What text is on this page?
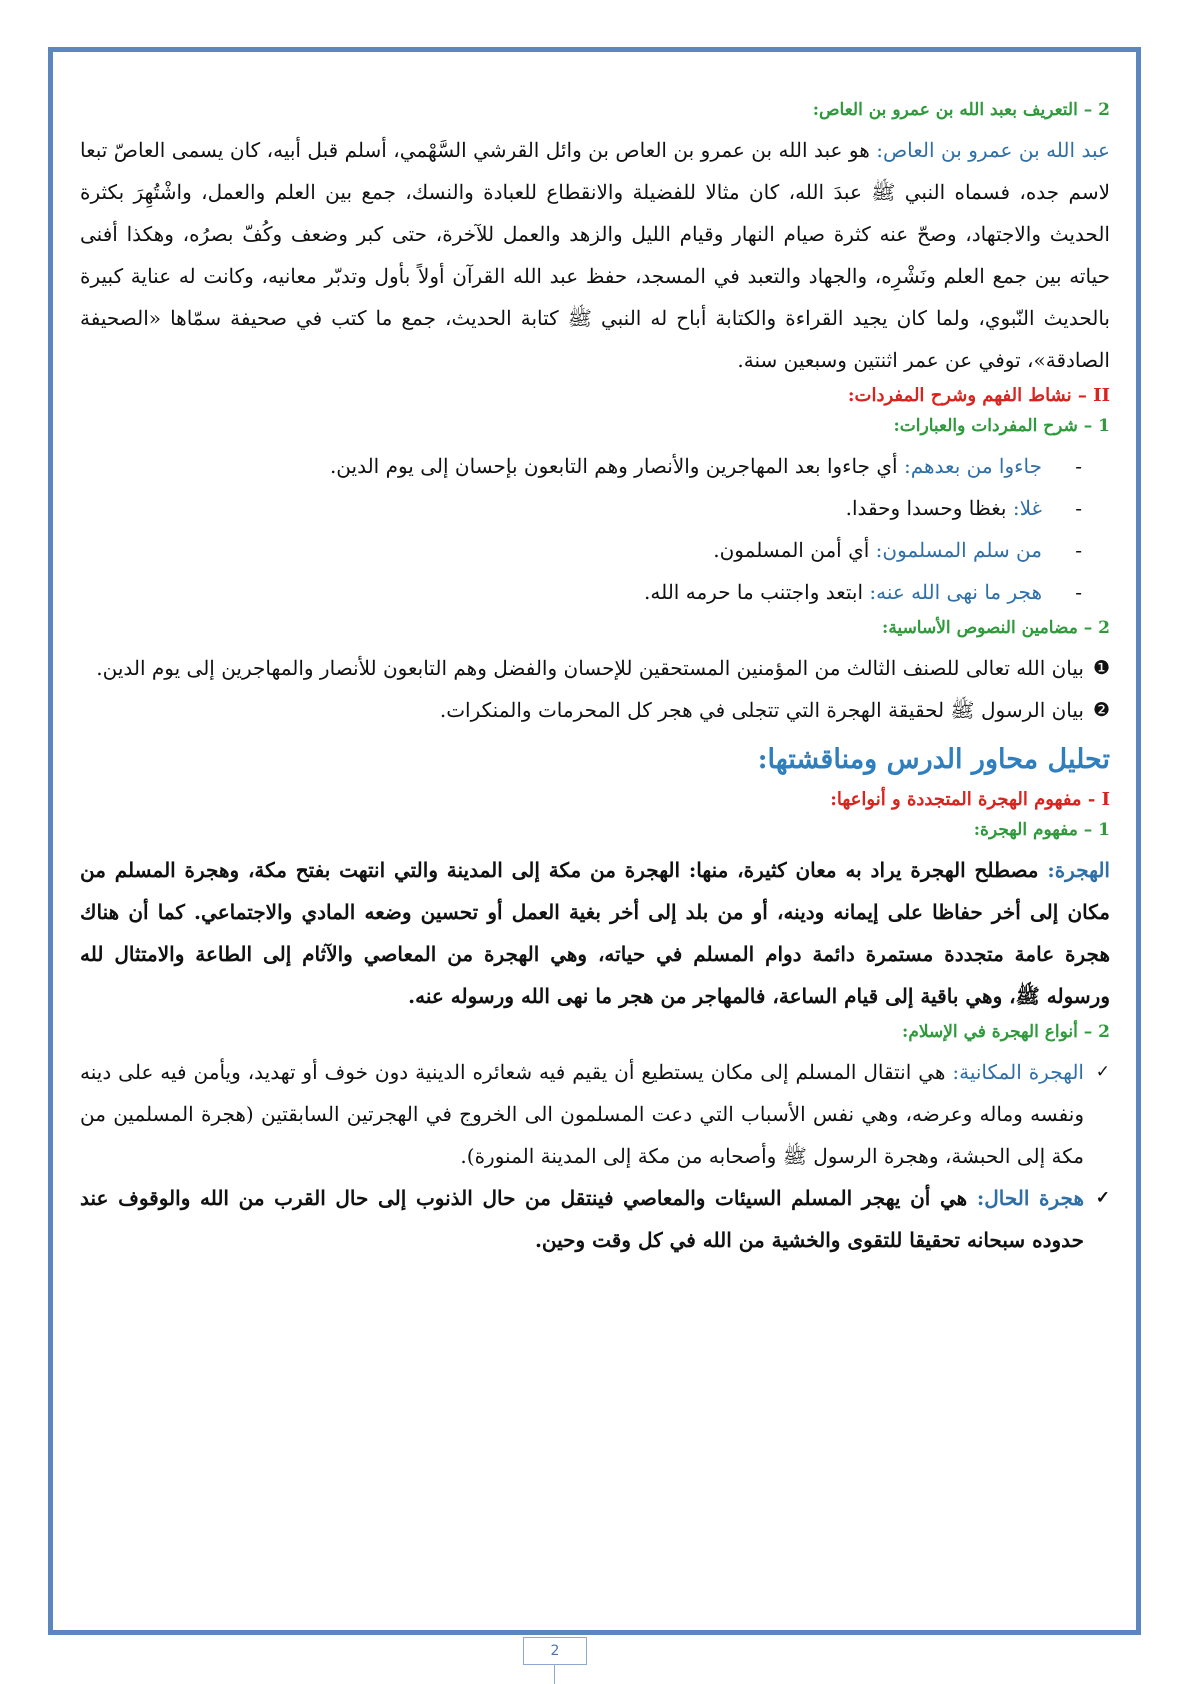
2 – التعريف بعبد الله بن عمرو بن العاص:

عبد الله بن عمرو بن العاص: هو عبد الله بن عمرو بن العاص بن وائل القرشي السَّهْمي، أسلم قبل أبيه، كان يسمى العاصّ تبعا لاسم جده، فسماه النبي ﷺ عبدَ الله، كان مثالا للفضيلة والانقطاع للعبادة والنسك، جمع بين العلم والعمل، واشْتُهِرَ بكثرة الحديث والاجتهاد، وصحّ عنه كثرة صيام النهار وقيام الليل والزهد والعمل للآخرة، حتى كبر وضعف وكُفّ بصرُه، وهكذا أفنى حياته بين جمع العلم ونَشْرِه، والجهاد والتعبد في المسجد، حفظ عبد الله القرآن أولاً بأول وتدبّر معانيه، وكانت له عناية كبيرة بالحديث النّبوي، ولما كان يجيد القراءة والكتابة أباح له النبي ﷺ كتابة الحديث، جمع ما كتب في صحيفة سمّاها «الصحيفة الصادقة»، توفي عن عمر اثنتين وسبعين سنة.

II – نشاط الفهم وشرح المفردات:
1 – شرح المفردات والعبارات:
-
جاءوا من بعدهم: أي جاءوا بعد المهاجرين والأنصار وهم التابعون بإحسان إلى يوم الدين.
-
غلا: بغظا وحسدا وحقدا.
-
من سلم المسلمون: أي أمن المسلمون.
-
هجر ما نهى الله عنه: ابتعد واجتنب ما حرمه الله.
2 – مضامين النصوص الأساسية:
❶
بيان الله تعالى للصنف الثالث من المؤمنين المستحقين للإحسان والفضل وهم التابعون للأنصار والمهاجرين إلى يوم الدين.
❷
بيان الرسول ﷺ لحقيقة الهجرة التي تتجلى في هجر كل المحرمات والمنكرات.
تحليل محاور الدرس ومناقشتها:
I - مفهوم الهجرة المتجددة و أنواعها:
1 – مفهوم الهجرة:

الهجرة: مصطلح الهجرة يراد به معان كثيرة، منها: الهجرة من مكة إلى المدينة والتي انتهت بفتح مكة، وهجرة المسلم من مكان إلى أخر حفاظا على إيمانه ودينه، أو من بلد إلى أخر بغية العمل أو تحسين وضعه المادي والاجتماعي. كما أن هناك هجرة عامة متجددة مستمرة دائمة دوام المسلم في حياته، وهي الهجرة من المعاصي والآثام إلى الطاعة والامتثال لله ورسوله ﷺ، وهي باقية إلى قيام الساعة، فالمهاجر من هجر ما نهى الله ورسوله عنه.

2 – أنواع الهجرة في الإسلام:
✓
الهجرة المكانية: هي انتقال المسلم إلى مكان يستطيع أن يقيم فيه شعائره الدينية دون خوف أو تهديد، ويأمن فيه على دينه ونفسه وماله وعرضه، وهي نفس الأسباب التي دعت المسلمون الى الخروج في الهجرتين السابقتين (هجرة المسلمين من مكة إلى الحبشة، وهجرة الرسول ﷺ وأصحابه من مكة إلى المدينة المنورة).
✓
هجرة الحال: هي أن يهجر المسلم السيئات والمعاصي فينتقل من حال الذنوب إلى حال القرب من الله والوقوف عند حدوده سبحانه تحقيقا للتقوى والخشية من الله في كل وقت وحين.
2
